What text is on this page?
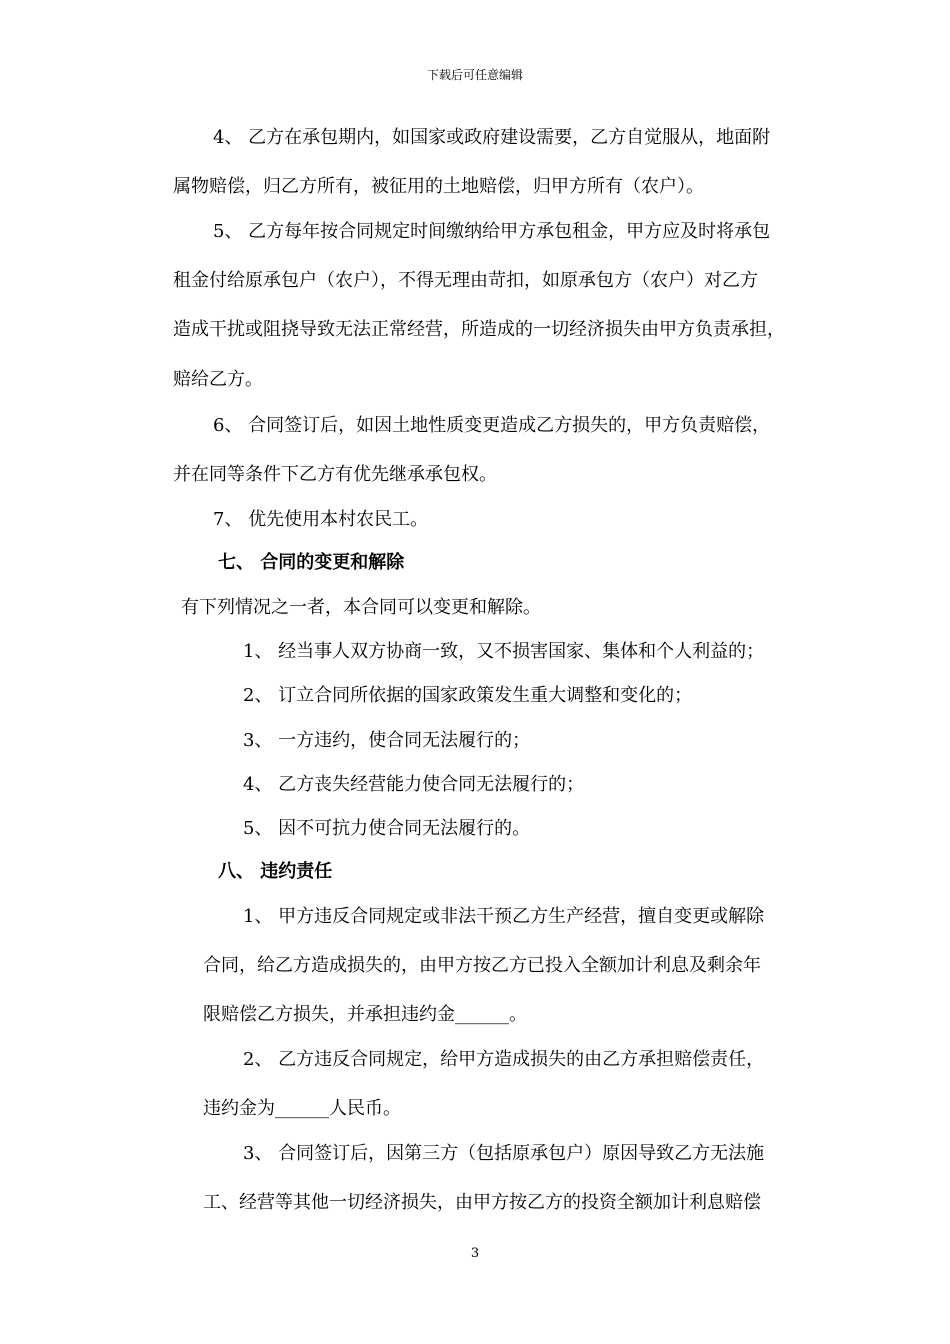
下载后可任意编辑
4、 乙方在承包期内，如国家或政府建设需要，乙方自觉服从，地面附
属物赔偿，归乙方所有，被征用的土地赔偿，归甲方所有（农户）。
5、 乙方每年按合同规定时间缴纳给甲方承包租金，甲方应及时将承包
租金付给原承包户（农户），不得无理由苛扣，如原承包方（农户）对乙方
造成干扰或阻挠导致无法正常经营，所造成的一切经济损失由甲方负责承担，
赔给乙方。
6、 合同签订后，如因土地性质变更造成乙方损失的，甲方负责赔偿，
并在同等条件下乙方有优先继承承包权。
7、 优先使用本村农民工。
七、 合同的变更和解除
有下列情况之一者，本合同可以变更和解除。
1、 经当事人双方协商一致，又不损害国家、集体和个人利益的；
2、 订立合同所依据的国家政策发生重大调整和变化的；
3、 一方违约，使合同无法履行的；
4、 乙方丧失经营能力使合同无法履行的；
5、 因不可抗力使合同无法履行的。
八、 违约责任
1、 甲方违反合同规定或非法干预乙方生产经营，擅自变更或解除
合同，给乙方造成损失的，由甲方按乙方已投入全额加计利息及剩余年
限赔偿乙方损失，并承担违约金______。
2、 乙方违反合同规定，给甲方造成损失的由乙方承担赔偿责任，
违约金为______人民币。
3、 合同签订后，因第三方（包括原承包户）原因导致乙方无法施
工、经营等其他一切经济损失，由甲方按乙方的投资全额加计利息赔偿
3
